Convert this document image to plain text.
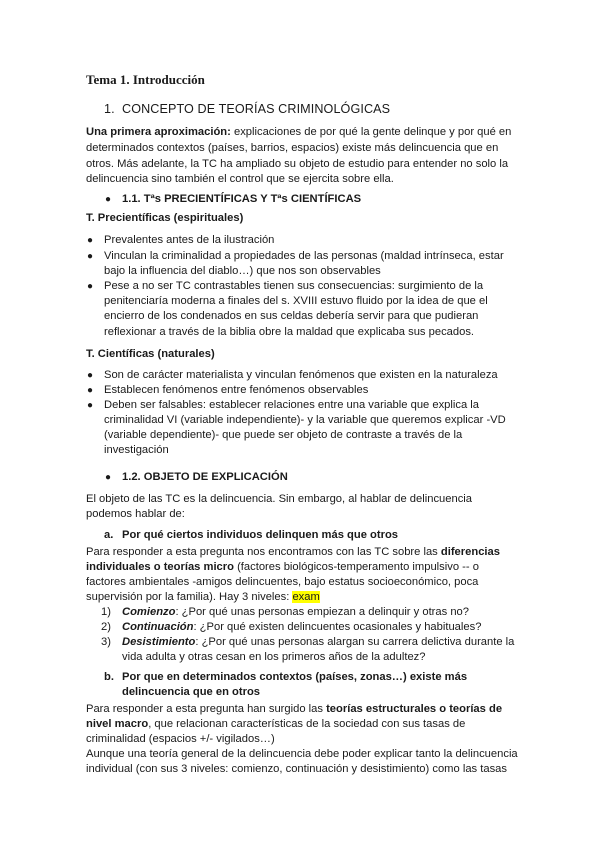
Tema 1. Introducción
1. CONCEPTO DE TEORÍAS CRIMINOLÓGICAS
Una primera aproximación: explicaciones de por qué la gente delinque y por qué en
determinados contextos (países, barrios, espacios) existe más delincuencia que en
otros. Más adelante, la TC ha ampliado su objeto de estudio para entender no solo la
delincuencia sino también el control que se ejercita sobre ella.
● 1.1. Tªs PRECIENTÍFICAS Y Tªs CIENTÍFICAS
T. Precientíficas (espirituales)
● Prevalentes antes de la ilustración
● Vinculan la criminalidad a propiedades de las personas (maldad intrínseca, estar
bajo la influencia del diablo…) que nos son observables
● Pese a no ser TC contrastables tienen sus consecuencias: surgimiento de la
penitenciaría moderna a finales del s. XVIII estuvo fluido por la idea de que el
encierro de los condenados en sus celdas debería servir para que pudieran
reflexionar a través de la biblia obre la maldad que explicaba sus pecados.
T. Científicas (naturales)
● Son de carácter materialista y vinculan fenómenos que existen en la naturaleza
● Establecen fenómenos entre fenómenos observables
● Deben ser falsables: establecer relaciones entre una variable que explica la
criminalidad VI (variable independiente)- y la variable que queremos explicar -VD
(variable dependiente)- que puede ser objeto de contraste a través de la
investigación
● 1.2. OBJETO DE EXPLICACIÓN
El objeto de las TC es la delincuencia. Sin embargo, al hablar de delincuencia
podemos hablar de:
a. Por qué ciertos individuos delinquen más que otros
Para responder a esta pregunta nos encontramos con las TC sobre las diferencias
individuales o teorías micro (factores biológicos-temperamento impulsivo -- o
factores ambientales -amigos delincuentes, bajo estatus socioeconómico, poca
supervisión por la familia). Hay 3 niveles: exam
1) Comienzo: ¿Por qué unas personas empiezan a delinquir y otras no?
2) Continuación: ¿Por qué existen delincuentes ocasionales y habituales?
3) Desistimiento: ¿Por qué unas personas alargan su carrera delictiva durante la
vida adulta y otras cesan en los primeros años de la adultez?
b. Por que en determinados contextos (países, zonas…) existe más
delincuencia que en otros
Para responder a esta pregunta han surgido las teorías estructurales o teorías de
nivel macro, que relacionan características de la sociedad con sus tasas de
criminalidad (espacios +/- vigilados…)
Aunque una teoría general de la delincuencia debe poder explicar tanto la delincuencia
individual (con sus 3 niveles: comienzo, continuación y desistimiento) como las tasas
